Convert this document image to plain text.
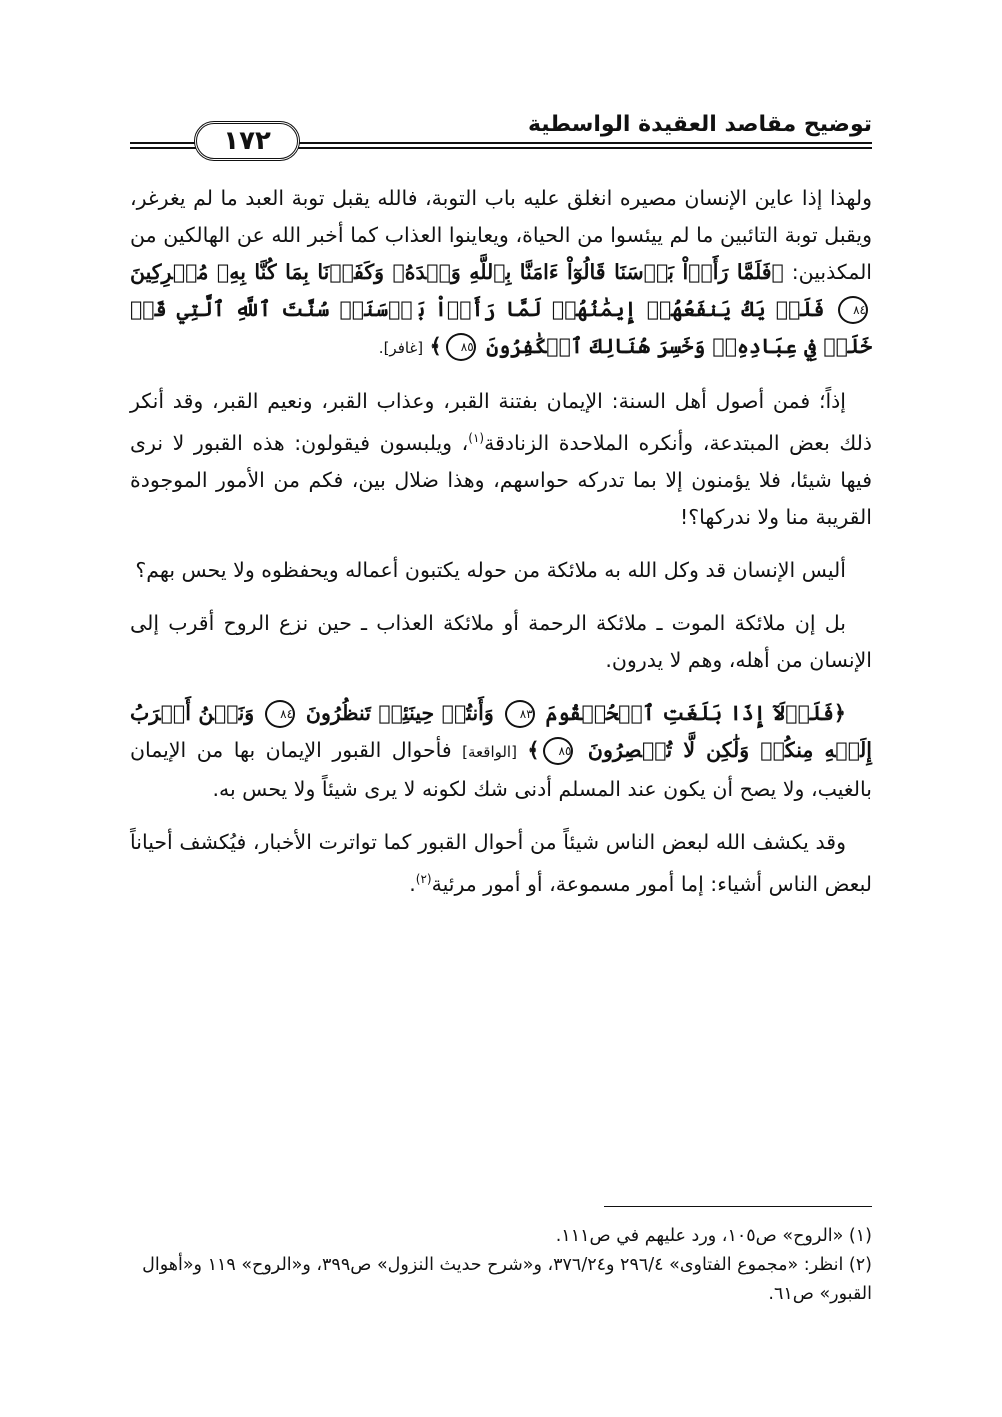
توضيح مقاصد العقيدة الواسطية
١٧٢

ولهذا إذا عاين الإنسان مصيره انغلق عليه باب التوبة، فالله يقبل توبة العبد ما لم يغرغر، ويقبل توبة التائبين ما لم ييئسوا من الحياة، ويعاينوا العذاب كما أخبر الله عن الهالكين من المكذبين: ﴿فَلَمَّا رَأَوۡاْ بَأۡسَنَا قَالُوٓاْ ءَامَنَّا بِٱللَّهِ وَحۡدَهُۥ وَكَفَرۡنَا بِمَا كُنَّا بِهِۦ مُشۡرِكِينَ ٨٤ فَلَمۡ يَكُ يَنفَعُهُمۡ إِيمَٰنُهُمۡ لَمَّا رَأَوۡاْ بَأۡسَنَاۖ سُنَّتَ ٱللَّهِ ٱلَّتِي قَدۡ خَلَتۡ فِي عِبَادِهِۦۖ وَخَسِرَ هُنَالِكَ ٱلۡكَٰفِرُونَ ٨٥﴾ [غافر].

إذاً؛ فمن أصول أهل السنة: الإيمان بفتنة القبر، وعذاب القبر، ونعيم القبر، وقد أنكر ذلك بعض المبتدعة، وأنكره الملاحدة الزنادقة$^{(١)}$، ويلبسون فيقولون: هذه القبور لا نرى فيها شيئا، فلا يؤمنون إلا بما تدركه حواسهم، وهذا ضلال بين، فكم من الأمور الموجودة القريبة منا ولا ندركها؟!

أليس الإنسان قد وكل الله به ملائكة من حوله يكتبون أعماله ويحفظوه ولا يحس بهم؟

بل إن ملائكة الموت ـ ملائكة الرحمة أو ملائكة العذاب ـ حين نزع الروح أقرب إلى الإنسان من أهله، وهم لا يدرون.

﴿فَلَوۡلَآ إِذَا بَلَغَتِ ٱلۡحُلۡقُومَ ٨٣ وَأَنتُمۡ حِينَئِذٖ تَنظُرُونَ ٨٤ وَنَحۡنُ أَقۡرَبُ إِلَيۡهِ مِنكُمۡ وَلَٰكِن لَّا تُبۡصِرُونَ ٨٥﴾ [الواقعة] فأحوال القبور الإيمان بها من الإيمان بالغيب، ولا يصح أن يكون عند المسلم أدنى شك لكونه لا يرى شيئاً ولا يحس به.

وقد يكشف الله لبعض الناس شيئاً من أحوال القبور كما تواترت الأخبار، فيُكشف أحياناً لبعض الناس أشياء: إما أمور مسموعة، أو أمور مرئية$^{(٢)}$.

(١) «الروح» ص١٠٥، ورد عليهم في ص١١١.
(٢) انظر: «مجموع الفتاوى» ٢٩٦/٤ و٣٧٦/٢٤، و«شرح حديث النزول» ص٣٩٩، و«الروح» ١١٩ و«أهوال القبور» ص٦١.
